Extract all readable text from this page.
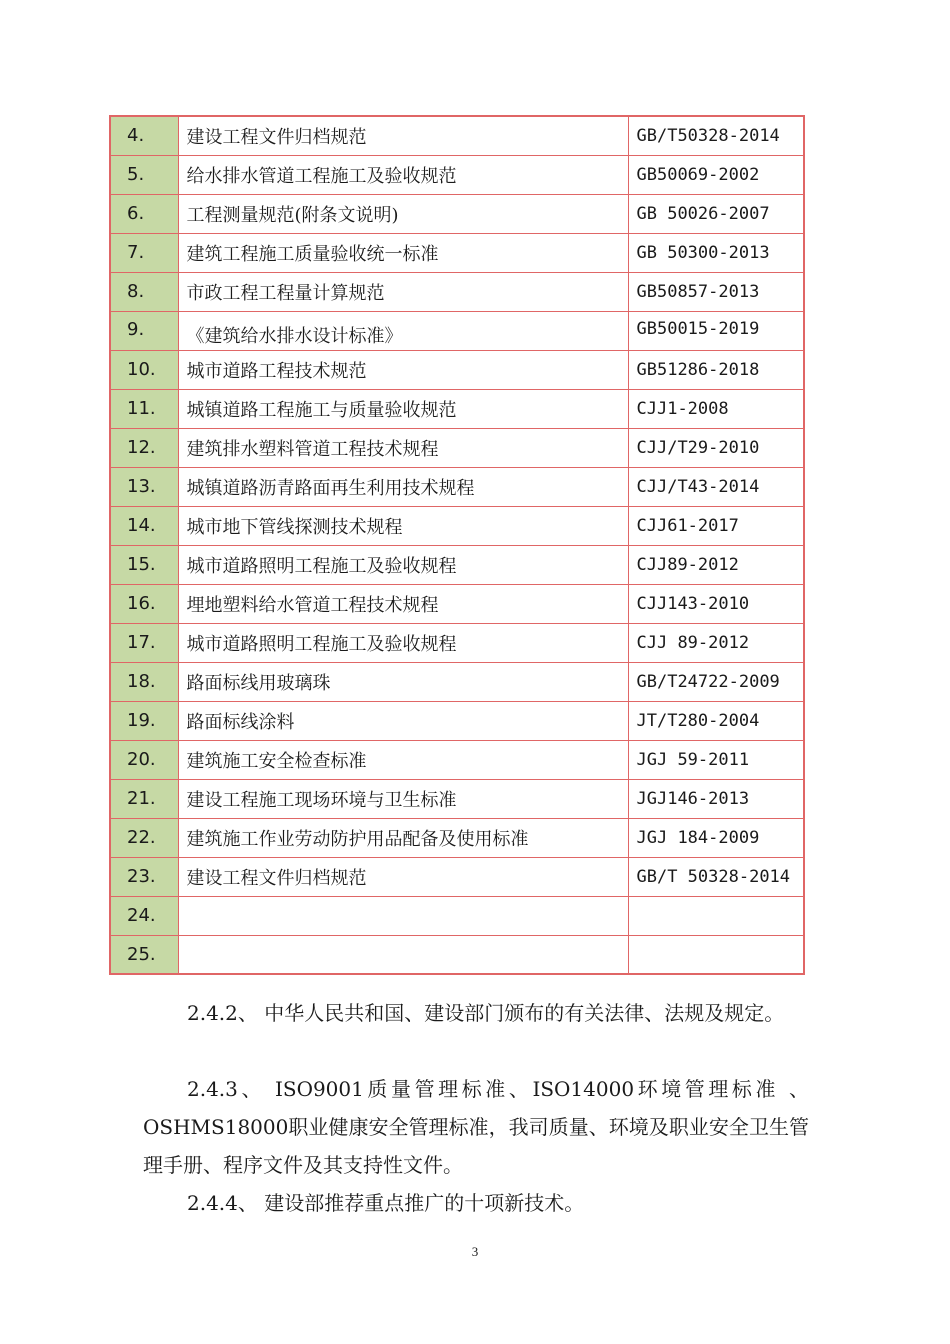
4.	建设工程文件归档规范	GB/T50328-2014
5.	给水排水管道工程施工及验收规范	GB50069-2002
6.	工程测量规范(附条文说明)	GB 50026-2007
7.	建筑工程施工质量验收统一标准	GB 50300-2013
8.	市政工程工程量计算规范	GB50857-2013
9.	《建筑给水排水设计标准》	GB50015-2019
10.	城市道路工程技术规范	GB51286-2018
11.	城镇道路工程施工与质量验收规范	CJJ1-2008
12.	建筑排水塑料管道工程技术规程	CJJ/T29-2010
13.	城镇道路沥青路面再生利用技术规程	CJJ/T43-2014
14.	城市地下管线探测技术规程	CJJ61-2017
15.	城市道路照明工程施工及验收规程	CJJ89-2012
16.	埋地塑料给水管道工程技术规程	CJJ143-2010
17.	城市道路照明工程施工及验收规程	CJJ 89-2012
18.	路面标线用玻璃珠	GB/T24722-2009
19.	路面标线涂料	JT/T280-2004
20.	建筑施工安全检查标准	JGJ 59-2011
21.	建设工程施工现场环境与卫生标准	JGJ146-2013
22.	建筑施工作业劳动防护用品配备及使用标准	JGJ 184-2009
23.	建设工程文件归档规范	GB/T 50328-2014
24.		
25.		

2.4.2、 中华人民共和国、建设部门颁布的有关法律、法规及规定。

2.4.3、 ISO9001质量管理标准、ISO14000环境管理标准 、OSHMS18000职业健康安全管理标准，我司质量、环境及职业安全卫生管理手册、程序文件及其支持性文件。

2.4.4、 建设部推荐重点推广的十项新技术。

3
